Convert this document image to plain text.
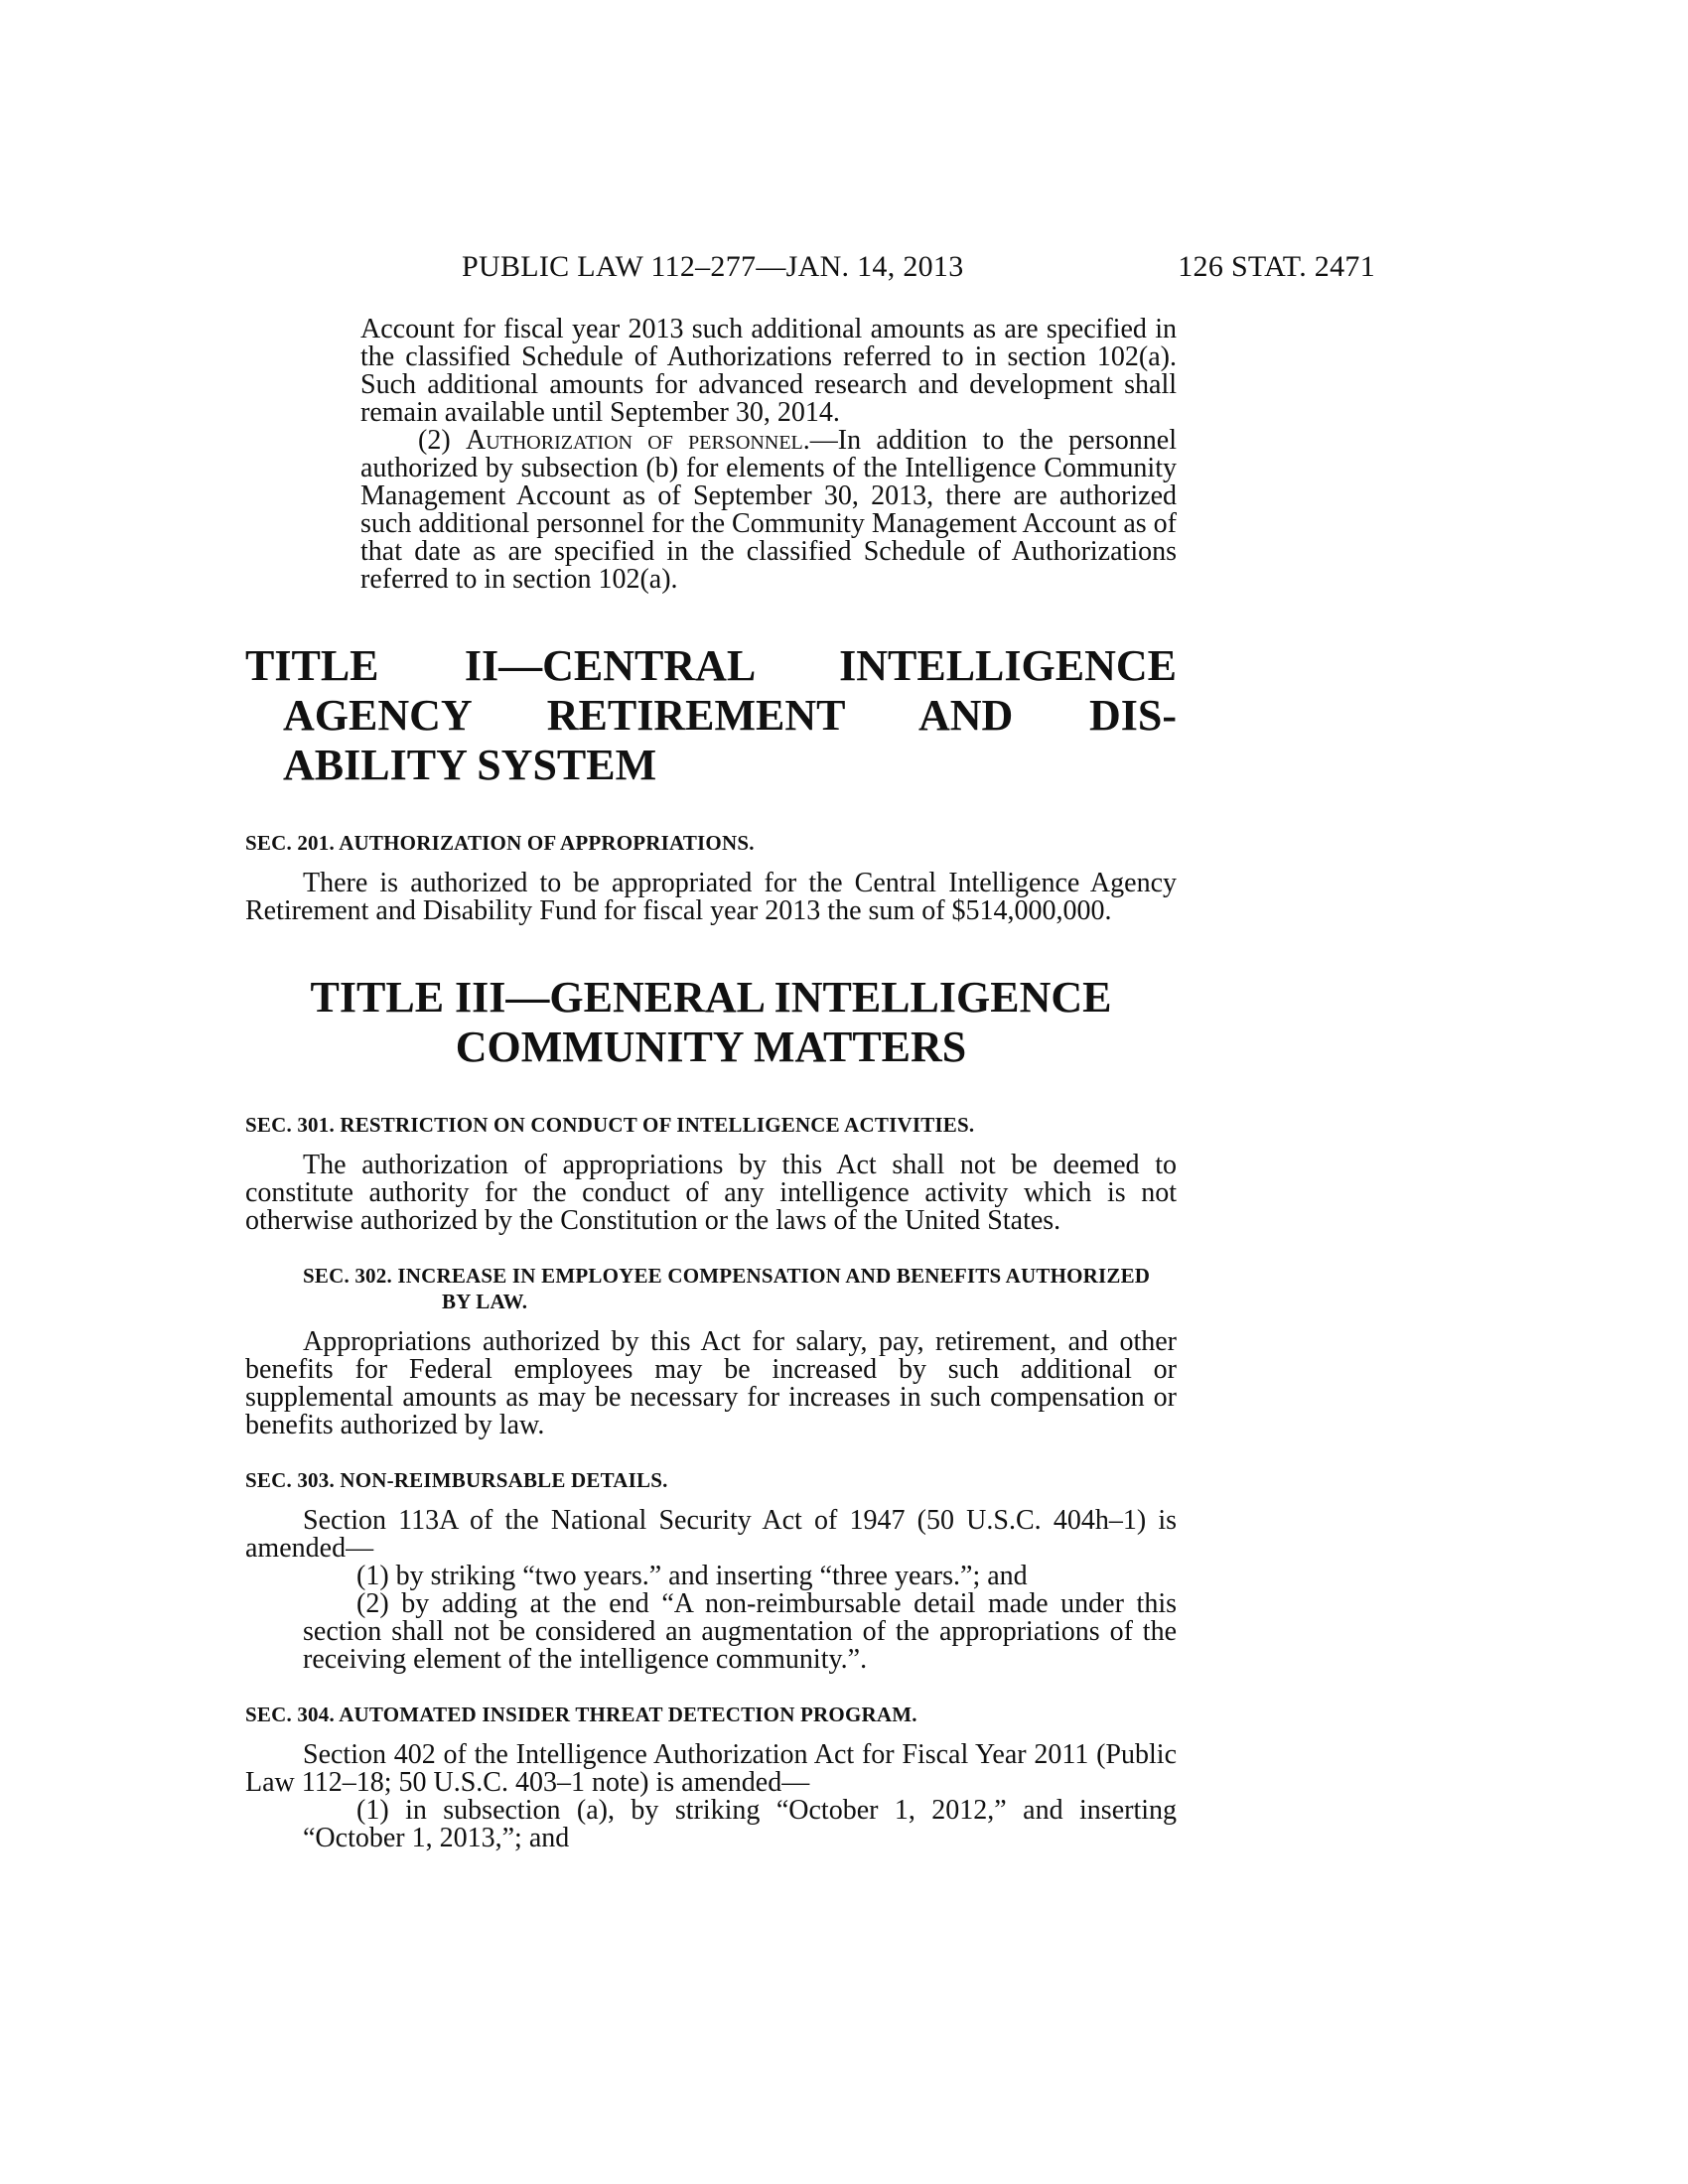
PUBLIC LAW 112–277—JAN. 14, 2013	126 STAT. 2471

Account for fiscal year 2013 such additional amounts as are specified in the classified Schedule of Authorizations referred to in section 102(a). Such additional amounts for advanced research and development shall remain available until September 30, 2014.

(2) Authorization of personnel.—In addition to the personnel authorized by subsection (b) for elements of the Intelligence Community Management Account as of September 30, 2013, there are authorized such additional personnel for the Community Management Account as of that date as are specified in the classified Schedule of Authorizations referred to in section 102(a).

TITLE II—CENTRAL INTELLIGENCE
AGENCY RETIREMENT AND DIS-
ABILITY SYSTEM
SEC. 201. AUTHORIZATION OF APPROPRIATIONS.

There is authorized to be appropriated for the Central Intelligence Agency Retirement and Disability Fund for fiscal year 2013 the sum of $514,000,000.

TITLE III—GENERAL INTELLIGENCE
COMMUNITY MATTERS
SEC. 301. RESTRICTION ON CONDUCT OF INTELLIGENCE ACTIVITIES.

The authorization of appropriations by this Act shall not be deemed to constitute authority for the conduct of any intelligence activity which is not otherwise authorized by the Constitution or the laws of the United States.

SEC. 302. INCREASE IN EMPLOYEE COMPENSATION AND BENEFITS AUTHORIZED BY LAW.

Appropriations authorized by this Act for salary, pay, retirement, and other benefits for Federal employees may be increased by such additional or supplemental amounts as may be necessary for increases in such compensation or benefits authorized by law.

SEC. 303. NON-REIMBURSABLE DETAILS.

Section 113A of the National Security Act of 1947 (50 U.S.C. 404h–1) is amended—

(1) by striking “two years.” and inserting “three years.”; and

(2) by adding at the end “A non-reimbursable detail made under this section shall not be considered an augmentation of the appropriations of the receiving element of the intelligence community.”.

SEC. 304. AUTOMATED INSIDER THREAT DETECTION PROGRAM.

Section 402 of the Intelligence Authorization Act for Fiscal Year 2011 (Public Law 112–18; 50 U.S.C. 403–1 note) is amended—

(1) in subsection (a), by striking “October 1, 2012,” and inserting “October 1, 2013,”; and
